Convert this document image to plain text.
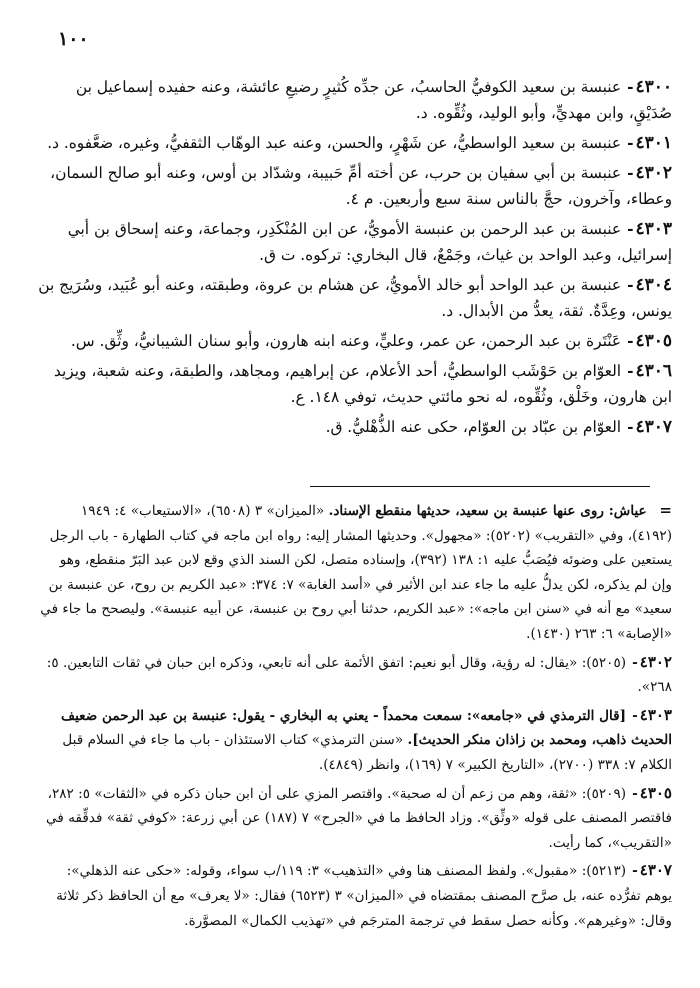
١٠٠

٤٣٠٠-عنبسة بن سعيد الكوفيُّ الحاسبُ، عن جدِّه كُثيرٍ رضيعِ عائشة، وعنه حفيده إسماعيل بن صُدَيْقٍ، وابن مهديٍّ، وأبو الوليد، وثُقِّوه. د.

٤٣٠١-عنبسة بن سعيد الواسطيُّ، عن شَهْرٍ، والحسن، وعنه عبد الوهّاب الثقفيُّ، وغيره، ضعَّفوه. د.

٤٣٠٢-عنبسة بن أبي سفيان بن حرب، عن أخته أمِّ حَبيبة، وشدّاد بن أوس، وعنه أبو صالح السمان، وعطاء، وآخرون، حجَّ بالناس سنة سبع وأربعين. م ٤.

٤٣٠٣-عنبسة بن عبد الرحمن بن عنبسة الأمويُّ، عن ابن المُنْكَدِر، وجماعة، وعنه إسحاق بن أبي إسرائيل، وعبد الواحد بن غياث، وجَمْعٌ، قال البخاري: تركوه. ت ق.

٤٣٠٤-عنبسة بن عبد الواحد أبو خالد الأمويُّ، عن هشام بن عروة، وطبقته، وعنه أبو عُبَيد، وسُرَيج بن يونس، وعِدَّةٌ. ثقة، يعدُّ من الأبدال. د.

٤٣٠٥-عَنْتَرة بن عبد الرحمن، عن عمر، وعليٍّ، وعنه ابنه هارون، وأبو سنان الشيبانيُّ، وثِّق. س.

٤٣٠٦-العوّام بن حَوْشَب الواسطيُّ، أحد الأعلام، عن إبراهيم، ومجاهد، والطبقة، وعنه شعبة، ويزيد ابن هارون، وخَلْق، وثُقِّوه، له نحو مائتي حديث، توفي ١٤٨. ع.

٤٣٠٧-العوّام بن عبّاد بن العوّام، حكى عنه الذُّهْليُّ. ق.

= عياش: روى عنها عنبسة بن سعيد، حديثها منقطع الإسناد. «الميزان» ٣ (٦٥٠٨)، «الاستيعاب» ٤: ١٩٤٩ (٤١٩٢)، وفي «التقريب» (٥٢٠٢): «مجهول». وحديثها المشار إليه: رواه ابن ماجه في كتاب الطهارة - باب الرجل يستعين على وضوئه فيُصَبُّ عليه ١: ١٣٨ (٣٩٢)، وإسناده متصل، لكن السند الذي وقع لابن عبد البَرّ منقطع، وهو وإن لم يذكره، لكن يدلُّ عليه ما جاء عند ابن الأثير في «أسد الغابة» ٧: ٣٧٤: «عبد الكريم بن روح، عن عنبسة بن سعيد» مع أنه في «سنن ابن ماجه»: «عبد الكريم، حدثنا أبي روح بن عنبسة، عن أبيه عنبسة». وليصحح ما جاء في «الإصابة» ٦: ٢٦٣ (١٤٣٠).

٤٣٠٢-(٥٢٠٥): «يقال: له رؤية، وقال أبو نعيم: اتفق الأئمة على أنه تابعي، وذكره ابن حبان في ثقات التابعين. ٥: ٢٦٨».

٤٣٠٣-[قال الترمذي في «جامعه»: سمعت محمداً - يعني به البخاري - يقول: عنبسة بن عبد الرحمن ضعيف الحديث ذاهب، ومحمد بن زاذان منكر الحديث]. «سنن الترمذي» كتاب الاستئذان - باب ما جاء في السلام قبل الكلام ٧: ٣٣٨ (٢٧٠٠)، «التاريخ الكبير» ٧ (١٦٩)، وانظر (٤٨٤٩).

٤٣٠٥-(٥٢٠٩): «ثقة، وهم من زعم أن له صحبة». واقتصر المزي على أن ابن حبان ذكره في «الثقات» ٥: ٢٨٢، فاقتصر المصنف على قوله «وثِّق». وزاد الحافظ ما في «الجرح» ٧ (١٨٧) عن أبي زرعة: «كوفي ثقة» فدقِّقه في «التقريب»، كما رأيت.

٤٣٠٧-(٥٢١٣): «مقبول». ولفظ المصنف هنا وفي «التذهيب» ٣: ١١٩/ب سواء، وقوله: «حكى عنه الذهلي»: يوهم تفرُّده عنه، بل صرَّح المصنف بمقتضاه في «الميزان» ٣ (٦٥٢٣) فقال: «لا يعرف» مع أن الحافظ ذكر ثلاثة وقال: «وغيرهم». وكأنه حصل سقط في ترجمة المترجَم في «تهذيب الكمال» المصوَّرة.
